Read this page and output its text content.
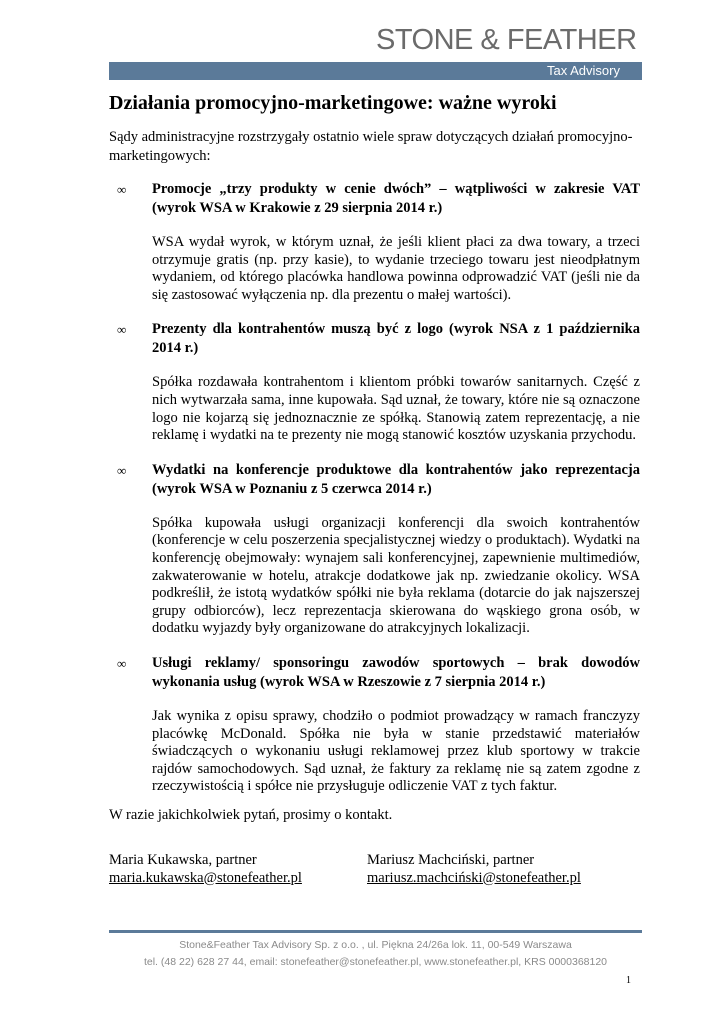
STONE & FEATHER
Tax Advisory
Działania promocyjno-marketingowe: ważne wyroki

Sądy administracyjne rozstrzygały ostatnio wiele spraw dotyczących działań promocyjno-marketingowych:

∞	Promocje „trzy produkty w cenie dwóch” – wątpliwości w zakresie VAT (wyrok WSA w Krakowie z 29 sierpnia 2014 r.)

WSA wydał wyrok, w którym uznał, że jeśli klient płaci za dwa towary, a trzeci otrzymuje gratis (np. przy kasie), to wydanie trzeciego towaru jest nieodpłatnym wydaniem, od którego placówka handlowa powinna odprowadzić VAT (jeśli nie da się zastosować wyłączenia np. dla prezentu o małej wartości).

∞	Prezenty dla kontrahentów muszą być z logo (wyrok NSA z 1 października 2014 r.)

Spółka rozdawała kontrahentom i klientom próbki towarów sanitarnych. Część z nich wytwarzała sama, inne kupowała. Sąd uznał, że towary, które nie są oznaczone logo nie kojarzą się jednoznacznie ze spółką. Stanowią zatem reprezentację, a nie reklamę i wydatki na te prezenty nie mogą stanowić kosztów uzyskania przychodu.

∞	Wydatki na konferencje produktowe dla kontrahentów jako reprezentacja (wyrok WSA w Poznaniu z 5 czerwca 2014 r.)

Spółka kupowała usługi organizacji konferencji dla swoich kontrahentów (konferencje w celu poszerzenia specjalistycznej wiedzy o produktach). Wydatki na konferencję obejmowały: wynajem sali konferencyjnej, zapewnienie multimediów, zakwaterowanie w hotelu, atrakcje dodatkowe jak np. zwiedzanie okolicy. WSA podkreślił, że istotą wydatków spółki nie była reklama (dotarcie do jak najszerszej grupy odbiorców), lecz reprezentacja skierowana do wąskiego grona osób, w dodatku wyjazdy były organizowane do atrakcyjnych lokalizacji.

∞	Usługi reklamy/ sponsoringu zawodów sportowych – brak dowodów wykonania usług (wyrok WSA w Rzeszowie z 7 sierpnia 2014 r.)

Jak wynika z opisu sprawy, chodziło o podmiot prowadzący w ramach franczyzy placówkę McDonald. Spółka nie była w stanie przedstawić materiałów świadczących o wykonaniu usługi reklamowej przez klub sportowy w trakcie rajdów samochodowych. Sąd uznał, że faktury za reklamę nie są zatem zgodne z rzeczywistością i spółce nie przysługuje odliczenie VAT z tych faktur.

W razie jakichkolwiek pytań, prosimy o kontakt.

Maria Kukawska, partner
maria.kukawska@stonefeather.pl
Mariusz Machciński, partner
mariusz.machciński@stonefeather.pl
Stone&Feather Tax Advisory Sp. z o.o. , ul. Piękna 24/26a lok. 11, 00-549 Warszawa
tel. (48 22) 628 27 44, email: stonefeather@stonefeather.pl, www.stonefeather.pl, KRS 0000368120
1
